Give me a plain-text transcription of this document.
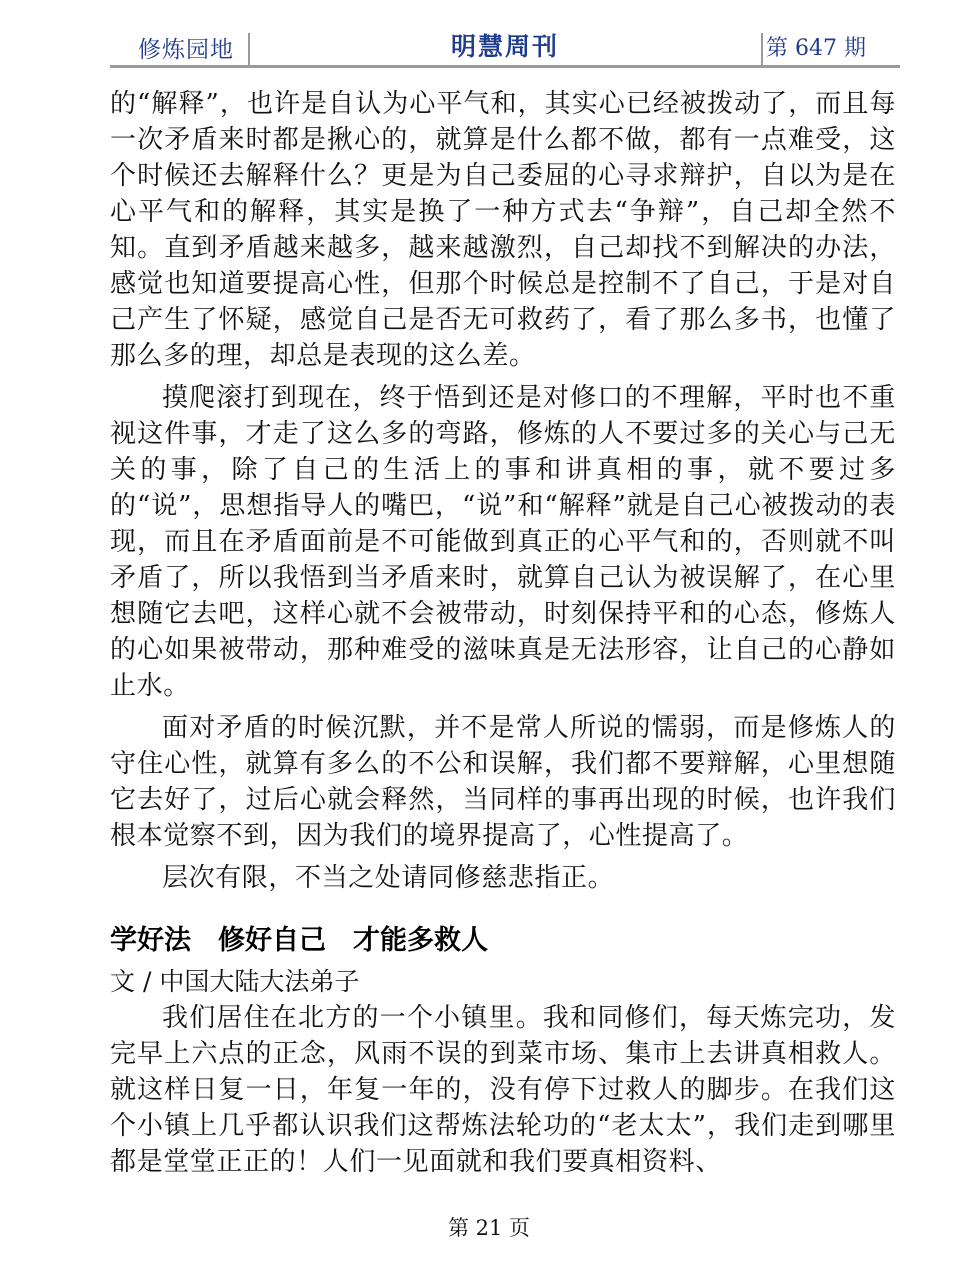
修炼园地	明慧周刊	第 647 期

的“解释”，也许是自认为心平气和，其实心已经被拨动了，而且每一次矛盾来时都是揪心的，就算是什么都不做，都有一点难受，这个时候还去解释什么？更是为自己委屈的心寻求辩护，自以为是在心平气和的解释，其实是换了一种方式去“争辩”，自己却全然不知。直到矛盾越来越多，越来越激烈，自己却找不到解决的办法，感觉也知道要提高心性，但那个时候总是控制不了自己，于是对自己产生了怀疑，感觉自己是否无可救药了，看了那么多书，也懂了那么多的理，却总是表现的这么差。

摸爬滚打到现在，终于悟到还是对修口的不理解，平时也不重视这件事，才走了这么多的弯路，修炼的人不要过多的关心与己无关的事，除了自己的生活上的事和讲真相的事，就不要过多的“说”，思想指导人的嘴巴，“说”和“解释”就是自己心被拨动的表现，而且在矛盾面前是不可能做到真正的心平气和的，否则就不叫矛盾了，所以我悟到当矛盾来时，就算自己认为被误解了，在心里想随它去吧，这样心就不会被带动，时刻保持平和的心态，修炼人的心如果被带动，那种难受的滋味真是无法形容，让自己的心静如止水。

面对矛盾的时候沉默，并不是常人所说的懦弱，而是修炼人的守住心性，就算有多么的不公和误解，我们都不要辩解，心里想随它去好了，过后心就会释然，当同样的事再出现的时候，也许我们根本觉察不到，因为我们的境界提高了，心性提高了。

层次有限，不当之处请同修慈悲指正。

学好法　修好自己　才能多救人

文 / 中国大陆大法弟子

我们居住在北方的一个小镇里。我和同修们，每天炼完功，发完早上六点的正念，风雨不误的到菜市场、集市上去讲真相救人。就这样日复一日，年复一年的，没有停下过救人的脚步。在我们这个小镇上几乎都认识我们这帮炼法轮功的“老太太”，我们走到哪里都是堂堂正正的！人们一见面就和我们要真相资料、

第 21 页
